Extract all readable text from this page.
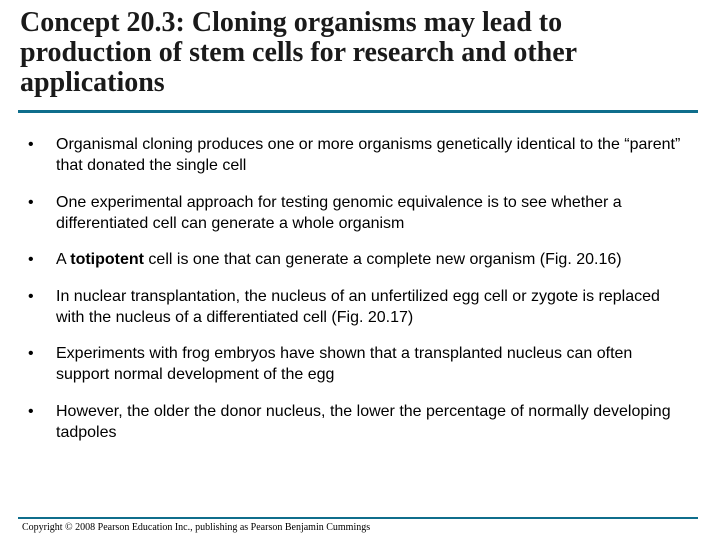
Concept 20.3: Cloning organisms may lead to production of stem cells for research and other applications
•	Organismal cloning produces one or more organisms genetically identical to the “parent” that donated the single cell
•	One experimental approach for testing genomic equivalence is to see whether a differentiated cell can generate a whole organism
•	A totipotent cell is one that can generate a complete new organism (Fig. 20.16)
•	In nuclear transplantation, the nucleus of an unfertilized egg cell or zygote is replaced with the nucleus of a differentiated cell (Fig. 20.17)
•	Experiments with frog embryos have shown that a transplanted nucleus can often support normal development of the egg
•	However, the older the donor nucleus, the lower the percentage of normally developing tadpoles
Copyright © 2008 Pearson Education Inc., publishing as Pearson Benjamin Cummings
